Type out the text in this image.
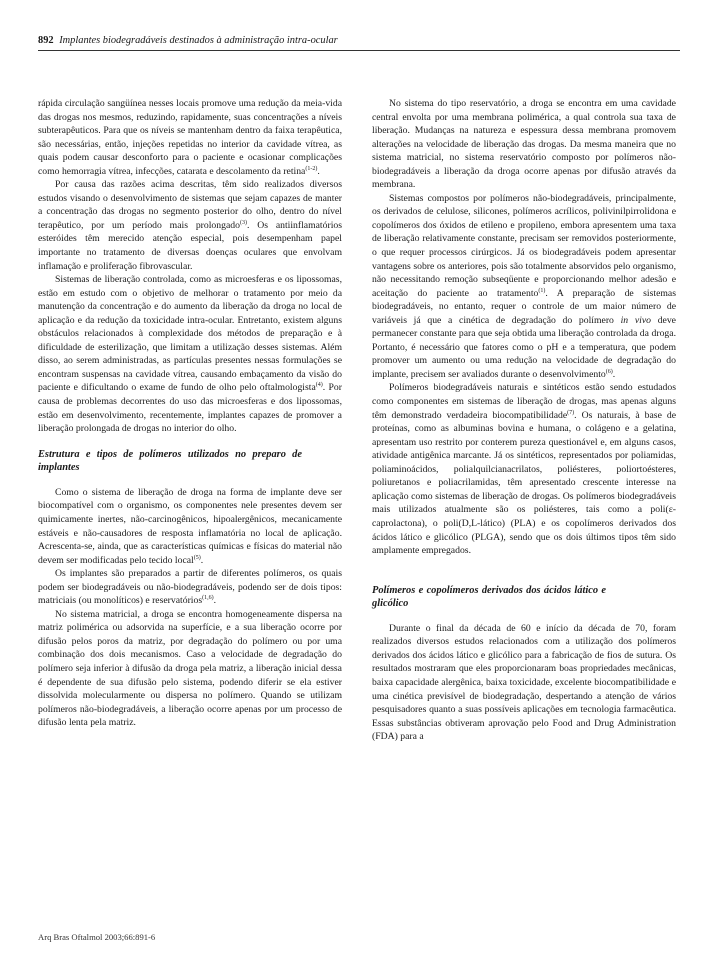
892 Implantes biodegradáveis destinados à administração intra-ocular

rápida circulação sangüínea nesses locais promove uma redução da meia-vida das drogas nos mesmos, reduzindo, rapidamente, suas concentrações a níveis subterapêuticos. Para que os níveis se mantenham dentro da faixa terapêutica, são necessárias, então, injeções repetidas no interior da cavidade vítrea, as quais podem causar desconforto para o paciente e ocasionar complicações como hemorragia vítrea, infecções, catarata e descolamento da retina$^{(1-2)}$.

Por causa das razões acima descritas, têm sido realizados diversos estudos visando o desenvolvimento de sistemas que sejam capazes de manter a concentração das drogas no segmento posterior do olho, dentro do nível terapêutico, por um período mais prolongado$^{(3)}$. Os antiinflamatórios esteróides têm merecido atenção especial, pois desempenham papel importante no tratamento de diversas doenças oculares que envolvam inflamação e proliferação fibrovascular.

Sistemas de liberação controlada, como as microesferas e os lipossomas, estão em estudo com o objetivo de melhorar o tratamento por meio da manutenção da concentração e do aumento da liberação da droga no local de aplicação e da redução da toxicidade intra-ocular. Entretanto, existem alguns obstáculos relacionados à complexidade dos métodos de preparação e à dificuldade de esterilização, que limitam a utilização desses sistemas. Além disso, ao serem administradas, as partículas presentes nessas formulações se encontram suspensas na cavidade vítrea, causando embaçamento da visão do paciente e dificultando o exame de fundo de olho pelo oftalmologista$^{(4)}$. Por causa de problemas decorrentes do uso das microesferas e dos lipossomas, estão em desenvolvimento, recentemente, implantes capazes de promover a liberação prolongada de drogas no interior do olho.

Estrutura e tipos de polímeros utilizados no preparo de implantes

Como o sistema de liberação de droga na forma de implante deve ser biocompatível com o organismo, os componentes nele presentes devem ser quimicamente inertes, não-carcinogênicos, hipoalergênicos, mecanicamente estáveis e não-causadores de resposta inflamatória no local de aplicação. Acrescenta-se, ainda, que as características químicas e físicas do material não devem ser modificadas pelo tecido local$^{(5)}$.

Os implantes são preparados a partir de diferentes polímeros, os quais podem ser biodegradáveis ou não-biodegradáveis, podendo ser de dois tipos: matriciais (ou monolíticos) e reservatórios$^{(1,6)}$.

No sistema matricial, a droga se encontra homogeneamente dispersa na matriz polimérica ou adsorvida na superfície, e a sua liberação ocorre por difusão pelos poros da matriz, por degradação do polímero ou por uma combinação dos dois mecanismos. Caso a velocidade de degradação do polímero seja inferior à difusão da droga pela matriz, a liberação inicial dessa é dependente de sua difusão pelo sistema, podendo diferir se ela estiver dissolvida molecularmente ou dispersa no polímero. Quando se utilizam polímeros não-biodegradáveis, a liberação ocorre apenas por um processo de difusão lenta pela matriz.

No sistema do tipo reservatório, a droga se encontra em uma cavidade central envolta por uma membrana polimérica, a qual controla sua taxa de liberação. Mudanças na natureza e espessura dessa membrana promovem alterações na velocidade de liberação das drogas. Da mesma maneira que no sistema matricial, no sistema reservatório composto por polímeros não-biodegradáveis a liberação da droga ocorre apenas por difusão através da membrana.

Sistemas compostos por polímeros não-biodegradáveis, principalmente, os derivados de celulose, silicones, polímeros acrílicos, polivinilpirrolidona e copolímeros dos óxidos de etileno e propileno, embora apresentem uma taxa de liberação relativamente constante, precisam ser removidos posteriormente, o que requer processos cirúrgicos. Já os biodegradáveis podem apresentar vantagens sobre os anteriores, pois são totalmente absorvidos pelo organismo, não necessitando remoção subseqüente e proporcionando melhor adesão e aceitação do paciente ao tratamento$^{(1)}$. A preparação de sistemas biodegradáveis, no entanto, requer o controle de um maior número de variáveis já que a cinética de degradação do polímero in vivo deve permanecer constante para que seja obtida uma liberação controlada da droga. Portanto, é necessário que fatores como o pH e a temperatura, que podem promover um aumento ou uma redução na velocidade de degradação do implante, precisem ser avaliados durante o desenvolvimento$^{(6)}$.

Polímeros biodegradáveis naturais e sintéticos estão sendo estudados como componentes em sistemas de liberação de drogas, mas apenas alguns têm demonstrado verdadeira biocompatibilidade$^{(7)}$. Os naturais, à base de proteínas, como as albuminas bovina e humana, o colágeno e a gelatina, apresentam uso restrito por conterem pureza questionável e, em alguns casos, atividade antigênica marcante. Já os sintéticos, representados por poliamidas, poliaminoácidos, polialquilcianacrilatos, poliésteres, poliortoésteres, poliuretanos e poliacrilamidas, têm apresentado crescente interesse na aplicação como sistemas de liberação de drogas. Os polímeros biodegradáveis mais utilizados atualmente são os poliésteres, tais como a poli(ε-caprolactona), o poli(D,L-lático) (PLA) e os copolímeros derivados dos ácidos lático e glicólico (PLGA), sendo que os dois últimos tipos têm sido amplamente empregados.

Polímeros e copolímeros derivados dos ácidos lático e glicólico

Durante o final da década de 60 e início da década de 70, foram realizados diversos estudos relacionados com a utilização dos polímeros derivados dos ácidos lático e glicólico para a fabricação de fios de sutura. Os resultados mostraram que eles proporcionaram boas propriedades mecânicas, baixa capacidade alergênica, baixa toxicidade, excelente biocompatibilidade e uma cinética previsível de biodegradação, despertando a atenção de vários pesquisadores quanto a suas possíveis aplicações em tecnologia farmacêutica. Essas substâncias obtiveram aprovação pelo Food and Drug Administration (FDA) para a

Arq Bras Oftalmol 2003;66:891-6
